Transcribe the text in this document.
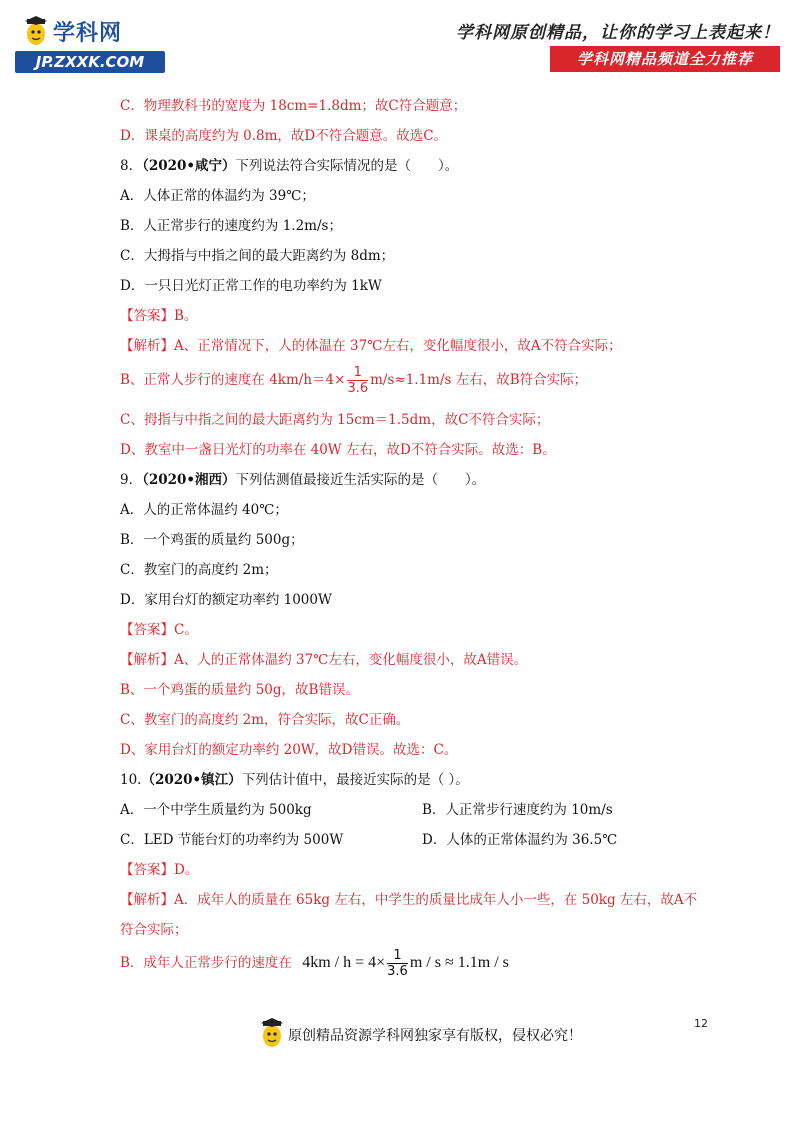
学科网
JP.ZXXK.COM
学科网原创精品，让你的学习上表起来！
学科网精品频道全力推荐
C．物理教科书的宽度为 18cm=1.8dm；故C符合题意；
D．课桌的高度约为 0.8m，故D不符合题意。故选C。
8．（2020•咸宁）下列说法符合实际情况的是（　　）。
A．人体正常的体温约为 39℃；
B．人正常步行的速度约为 1.2m/s；
C．大拇指与中指之间的最大距离约为 8dm；
D．一只日光灯正常工作的电功率约为 1kW
【答案】B。
【解析】A、正常情况下，人的体温在 37℃左右，变化幅度很小，故A不符合实际；
B、正常人步行的速度在 $4km/h=4\times \frac{1}{3.6} m/s\approx 1.1m/s$ 左右，故B符合实际；
C、拇指与中指之间的最大距离约为 15cm＝1.5dm，故C不符合实际；
D、教室中一盏日光灯的功率在 40W 左右，故D不符合实际。故选：B。
9．（2020•湘西）下列估测值最接近生活实际的是（　　）。
A．人的正常体温约 40℃；
B．一个鸡蛋的质量约 500g；
C．教室门的高度约 2m；
D．家用台灯的额定功率约 1000W
【答案】C。
【解析】A、人的正常体温约 37℃左右，变化幅度很小，故A错误。
B、一个鸡蛋的质量约 50g，故B错误。
C、教室门的高度约 2m，符合实际，故C正确。
D、家用台灯的额定功率约 20W，故D错误。故选：C。
10.（2020•镇江）下列估计值中，最接近实际的是（ ）。
A．一个中学生质量约为 500kg	B．人正常步行速度约为 10m/s
C．LED 节能台灯的功率约为 500W	D．人体的正常体温约为 36.5℃
【答案】D。
【解析】A．成年人的质量在 65kg 左右，中学生的质量比成年人小一些，在 50kg 左右，故A不
符合实际；
B．成年人正常步行的速度在 $4km / h = 4\times \frac{1}{3.6}$ m / s ≈ 1.1m / s
原创精品资源学科网独家享有版权，侵权必究！
12
